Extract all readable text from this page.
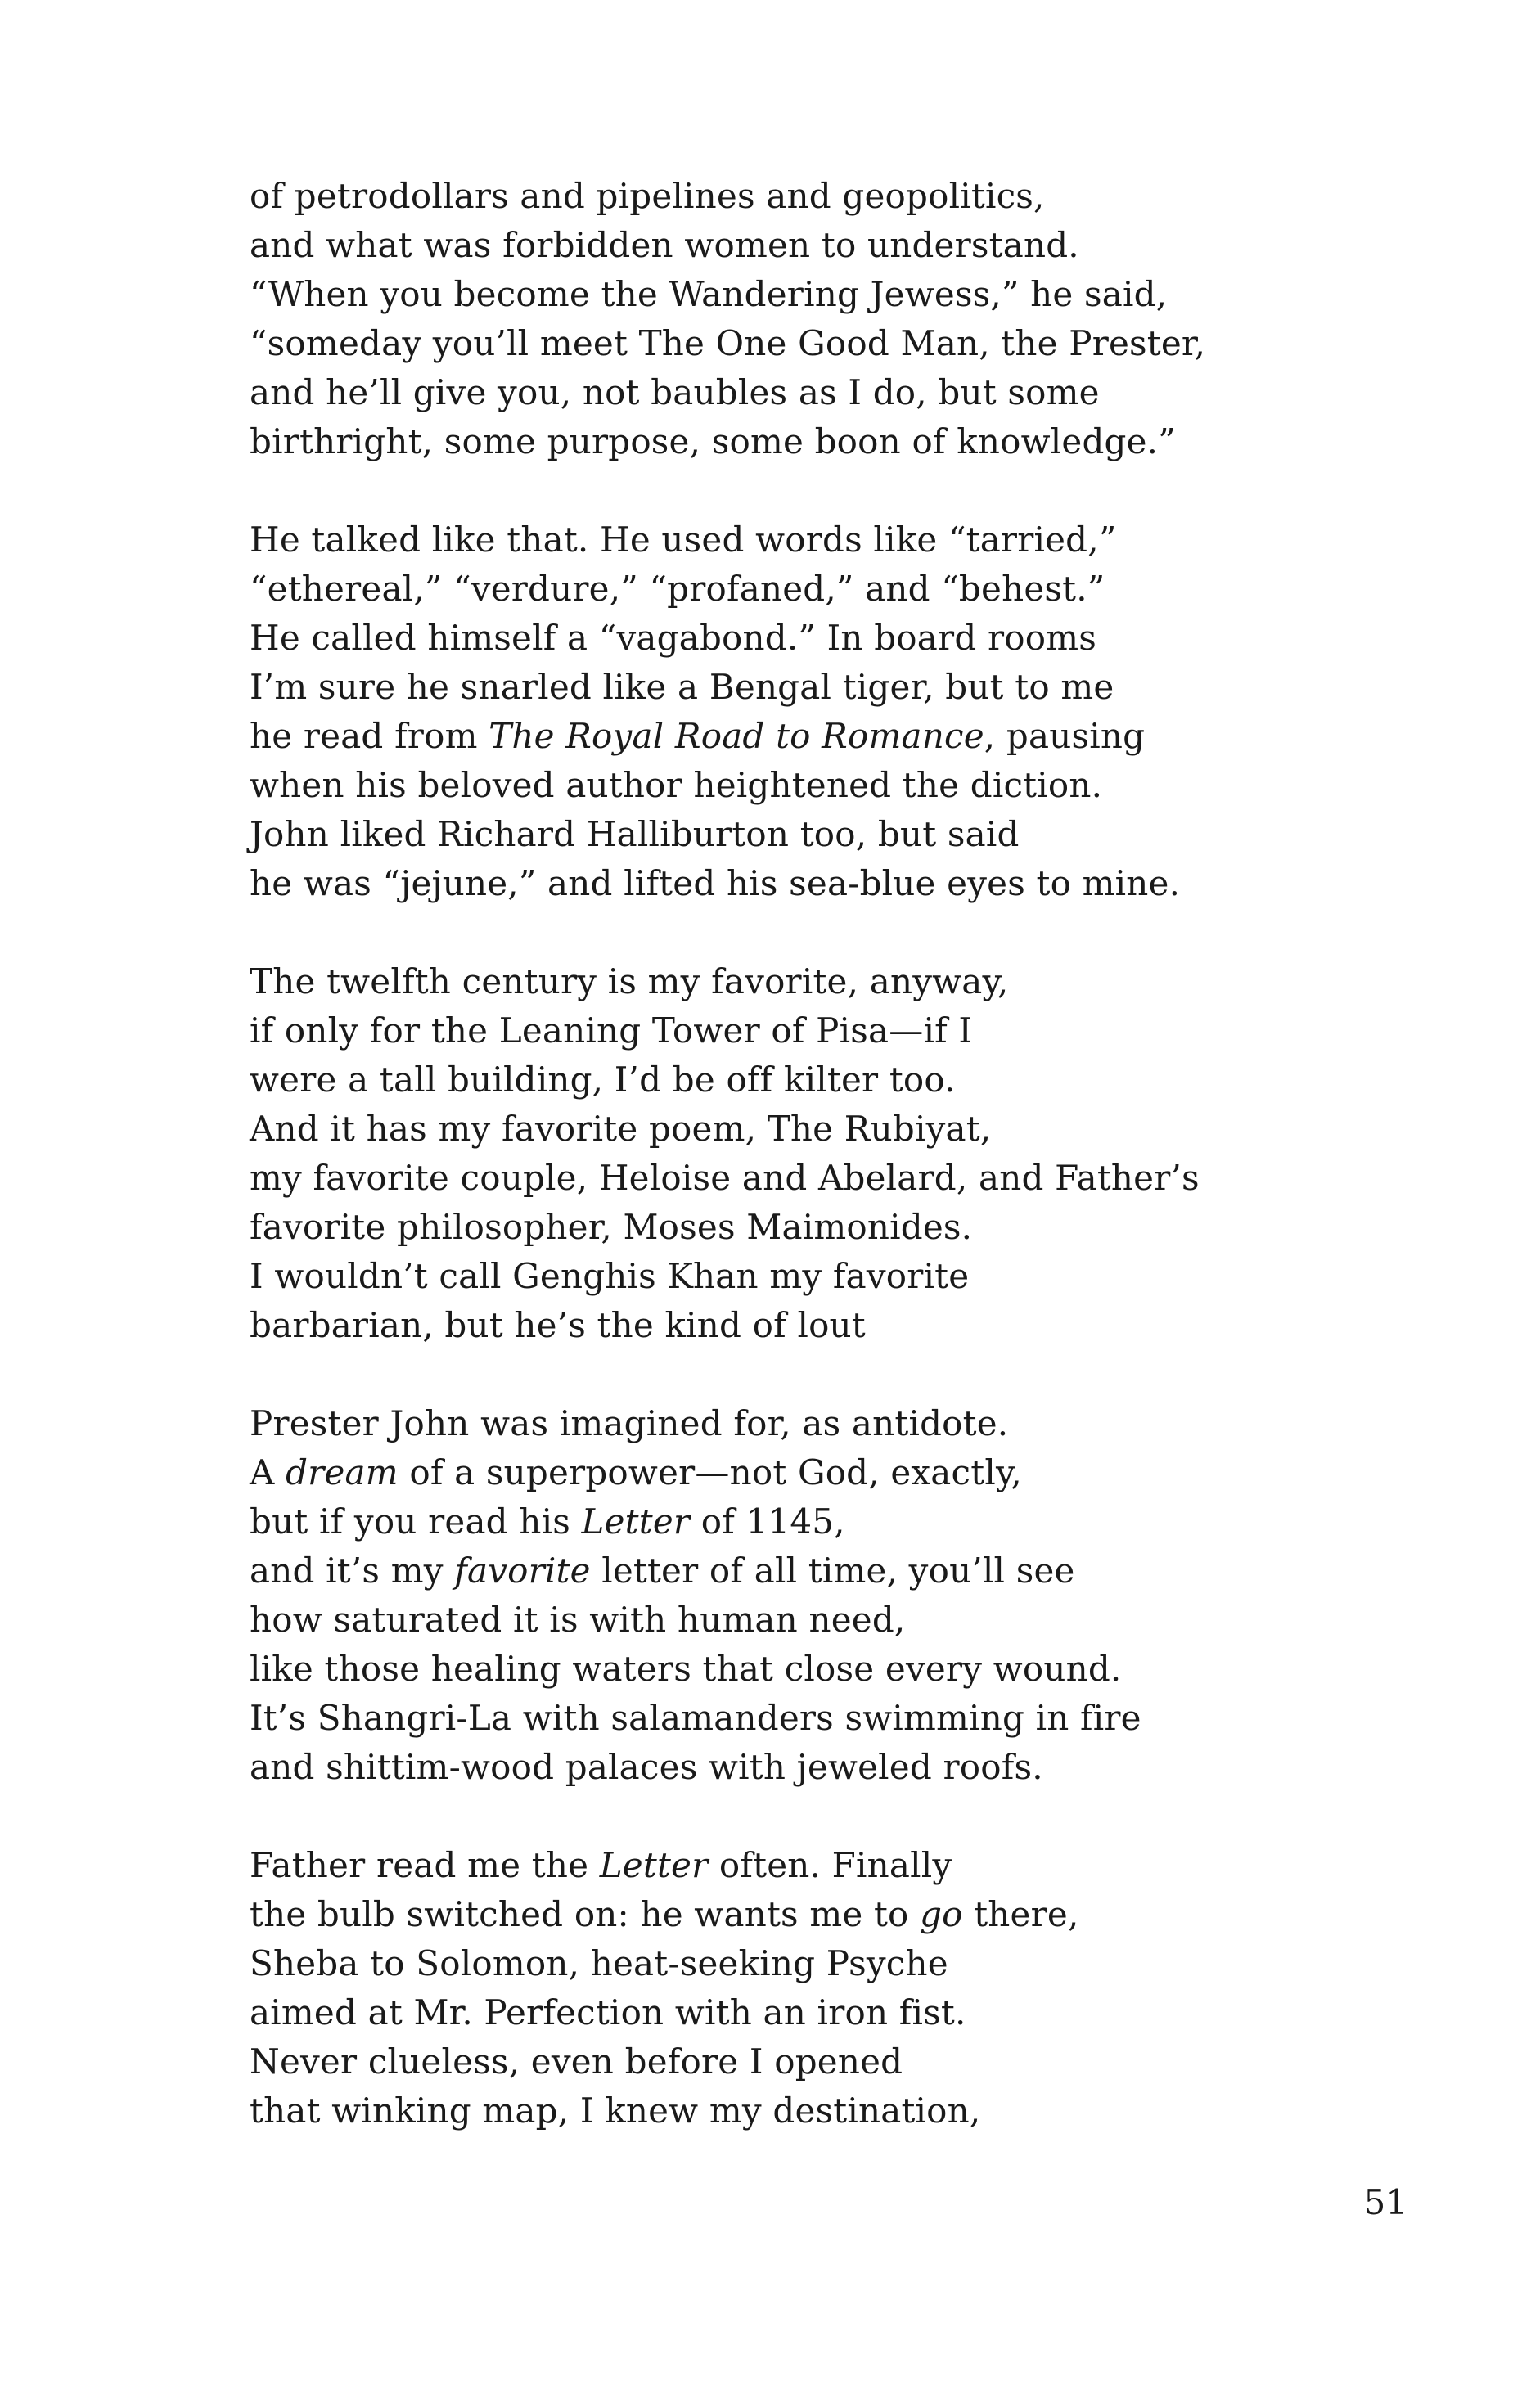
of petrodollars and pipelines and geopolitics,
and what was forbidden women to understand.
“When you become the Wandering Jewess,” he said,
“someday you’ll meet The One Good Man, the Prester,
and he’ll give you, not baubles as I do, but some
birthright, some purpose, some boon of knowledge.”
He talked like that. He used words like “tarried,”
“ethereal,” “verdure,” “profaned,” and “behest.”
He called himself a “vagabond.” In board rooms
I’m sure he snarled like a Bengal tiger, but to me
he read from The Royal Road to Romance, pausing
when his beloved author heightened the diction.
John liked Richard Halliburton too, but said
he was “jejune,” and lifted his sea-blue eyes to mine.
The twelfth century is my favorite, anyway,
if only for the Leaning Tower of Pisa—if I
were a tall building, I’d be off kilter too.
And it has my favorite poem, The Rubiyat,
my favorite couple, Heloise and Abelard, and Father’s
favorite philosopher, Moses Maimonides.
I wouldn’t call Genghis Khan my favorite
barbarian, but he’s the kind of lout
Prester John was imagined for, as antidote.
A dream of a superpower—not God, exactly,
but if you read his Letter of 1145,
and it’s my favorite letter of all time, you’ll see
how saturated it is with human need,
like those healing waters that close every wound.
It’s Shangri-La with salamanders swimming in fire
and shittim-wood palaces with jeweled roofs.
Father read me the Letter often. Finally
the bulb switched on: he wants me to go there,
Sheba to Solomon, heat-seeking Psyche
aimed at Mr. Perfection with an iron fist.
Never clueless, even before I opened
that winking map, I knew my destination,
51
